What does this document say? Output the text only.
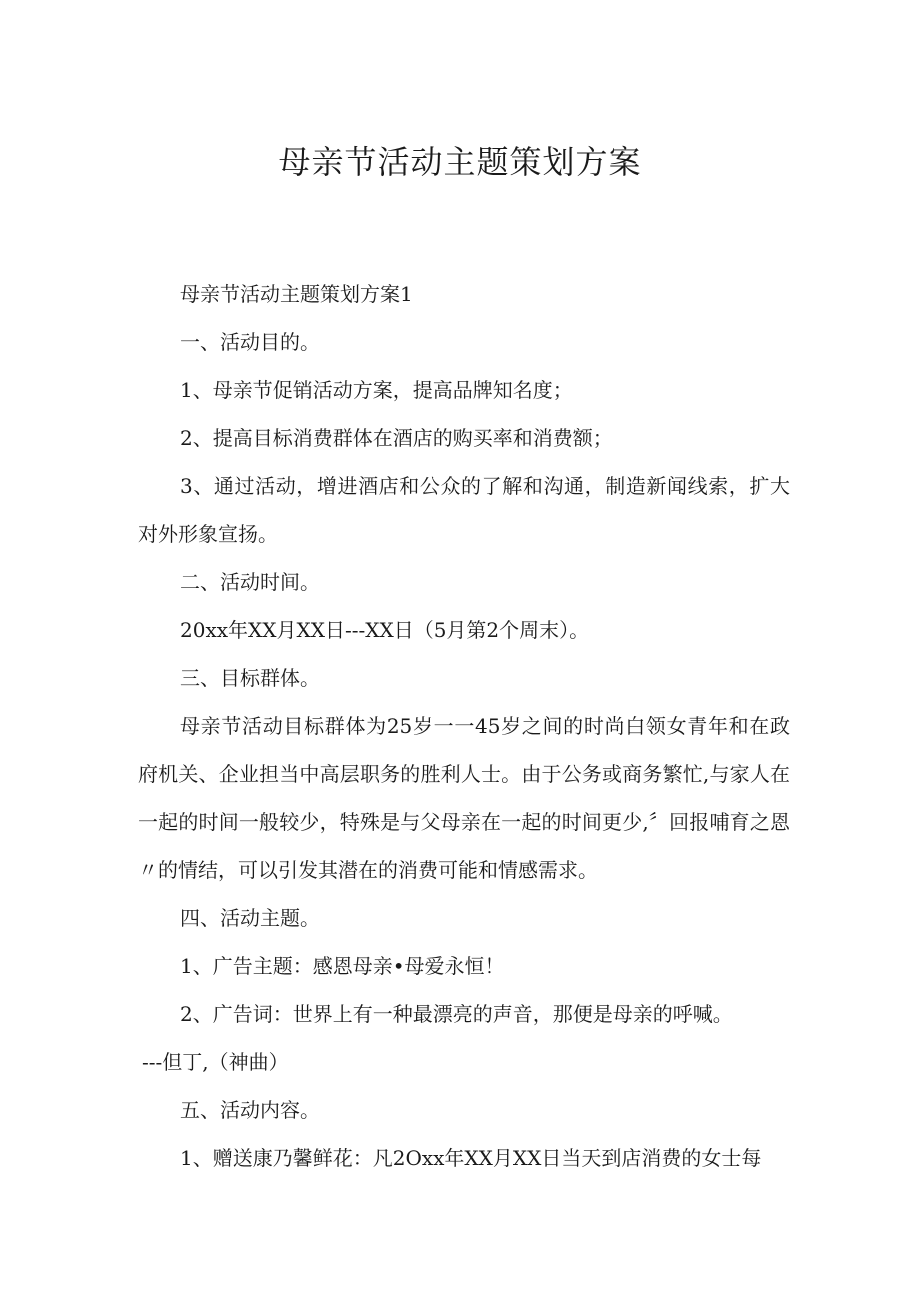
母亲节活动主题策划方案

母亲节活动主题策划方案1

一、活动目的。

1、母亲节促销活动方案，提高品牌知名度；

2、提高目标消费群体在酒店的购买率和消费额；

3、通过活动，增进酒店和公众的了解和沟通，制造新闻线索，扩大对外形象宣扬。

二、活动时间。

20xx年XX月XX日---XX日（5月第2个周末）。

三、目标群体。

母亲节活动目标群体为25岁一一45岁之间的时尚白领女青年和在政府机关、企业担当中高层职务的胜利人士。由于公务或商务繁忙,与家人在一起的时间一般较少，特殊是与父母亲在一起的时间更少,〞回报哺育之恩〃的情结，可以引发其潜在的消费可能和情感需求。

四、活动主题。

1、广告主题：感恩母亲•母爱永恒！

2、广告词：世界上有一种最漂亮的声音，那便是母亲的呼喊。

---但丁,（神曲）

五、活动内容。

1、赠送康乃馨鲜花：凡2Oxx年XX月XX日当天到店消费的女士每
